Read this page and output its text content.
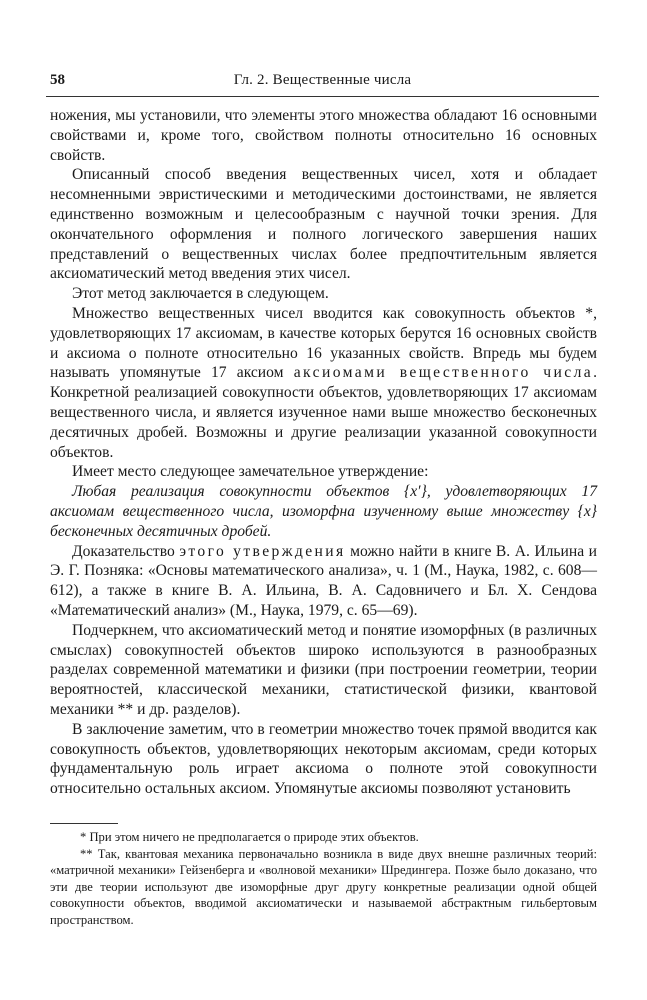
58	Гл. 2. Вещественные числа

ножения, мы установили, что элементы этого множества обладают 16 основными свойствами и, кроме того, свойством полноты относительно 16 основных свойств.

Описанный способ введения вещественных чисел, хотя и обладает несомненными эвристическими и методическими достоинствами, не является единственно возможным и целесообразным с научной точки зрения. Для окончательного оформления и полного логического завершения наших представлений о вещественных числах более предпочтительным является аксиоматический метод введения этих чисел.

Этот метод заключается в следующем.

Множество вещественных чисел вводится как совокупность объектов *, удовлетворяющих 17 аксиомам, в качестве которых берутся 16 основных свойств и аксиома о полноте относительно 16 указанных свойств. Впредь мы будем называть упомянутые 17 аксиом аксиомами вещественного числа. Конкретной реализацией совокупности объектов, удовлетворяющих 17 аксиомам вещественного числа, и является изученное нами выше множество бесконечных десятичных дробей. Возможны и другие реализации указанной совокупности объектов.

Имеет место следующее замечательное утверждение:

Любая реализация совокупности объектов {x′}, удовлетворяющих 17 аксиомам вещественного числа, изоморфна изученному выше множеству {x} бесконечных десятичных дробей.

Доказательство этого утверждения можно найти в книге В. А. Ильина и Э. Г. Позняка: «Основы математического анализа», ч. 1 (М., Наука, 1982, с. 608—612), а также в книге В. А. Ильина, В. А. Садовничего и Бл. Х. Сендова «Математический анализ» (М., Наука, 1979, с. 65—69).

Подчеркнем, что аксиоматический метод и понятие изоморфных (в различных смыслах) совокупностей объектов широко используются в разнообразных разделах современной математики и физики (при построении геометрии, теории вероятностей, классической механики, статистической физики, квантовой механики ** и др. разделов).

В заключение заметим, что в геометрии множество точек прямой вводится как совокупность объектов, удовлетворяющих некоторым аксиомам, среди которых фундаментальную роль играет аксиома о полноте этой совокупности относительно остальных аксиом. Упомянутые аксиомы позволяют установить

* При этом ничего не предполагается о природе этих объектов.

** Так, квантовая механика первоначально возникла в виде двух внешне различных теорий: «матричной механики» Гейзенберга и «волновой механики» Шредингера. Позже было доказано, что эти две теории используют две изоморфные друг другу конкретные реализации одной общей совокупности объектов, вводимой аксиоматически и называемой абстрактным гильбертовым пространством.
